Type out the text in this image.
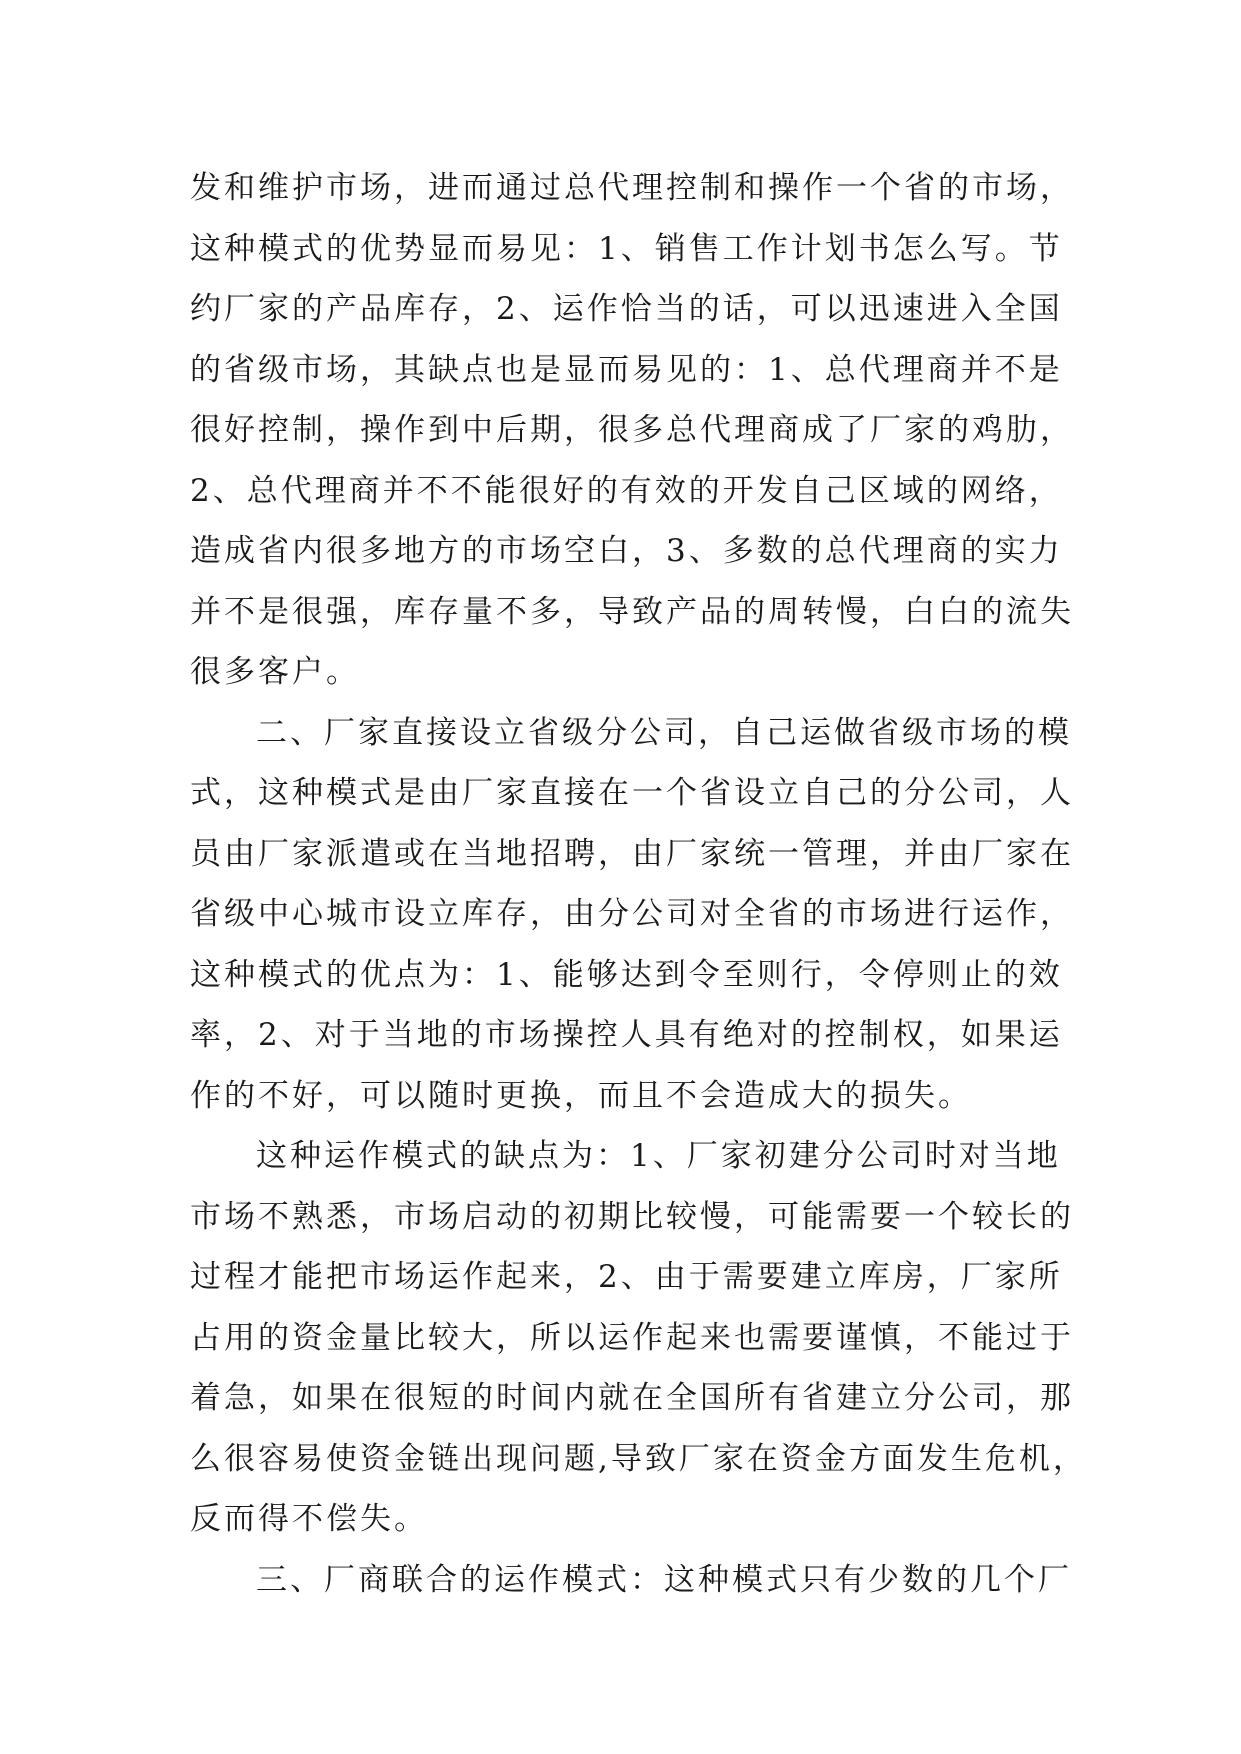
发和维护市场，进而通过总代理控制和操作一个省的市场，
这种模式的优势显而易见：1、销售工作计划书怎么写。节
约厂家的产品库存，2、运作恰当的话，可以迅速进入全国
的省级市场，其缺点也是显而易见的：1、总代理商并不是
很好控制，操作到中后期，很多总代理商成了厂家的鸡肋，
2、总代理商并不不能很好的有效的开发自己区域的网络，
造成省内很多地方的市场空白，3、多数的总代理商的实力
并不是很强，库存量不多，导致产品的周转慢，白白的流失
很多客户。
二、厂家直接设立省级分公司，自己运做省级市场的模
式，这种模式是由厂家直接在一个省设立自己的分公司，人
员由厂家派遣或在当地招聘，由厂家统一管理，并由厂家在
省级中心城市设立库存，由分公司对全省的市场进行运作，
这种模式的优点为：1、能够达到令至则行，令停则止的效
率，2、对于当地的市场操控人具有绝对的控制权，如果运
作的不好，可以随时更换，而且不会造成大的损失。
这种运作模式的缺点为：1、厂家初建分公司时对当地
市场不熟悉，市场启动的初期比较慢，可能需要一个较长的
过程才能把市场运作起来，2、由于需要建立库房，厂家所
占用的资金量比较大，所以运作起来也需要谨慎，不能过于
着急，如果在很短的时间内就在全国所有省建立分公司，那
么很容易使资金链出现问题,导致厂家在资金方面发生危机，
反而得不偿失。
三、厂商联合的运作模式：这种模式只有少数的几个厂
